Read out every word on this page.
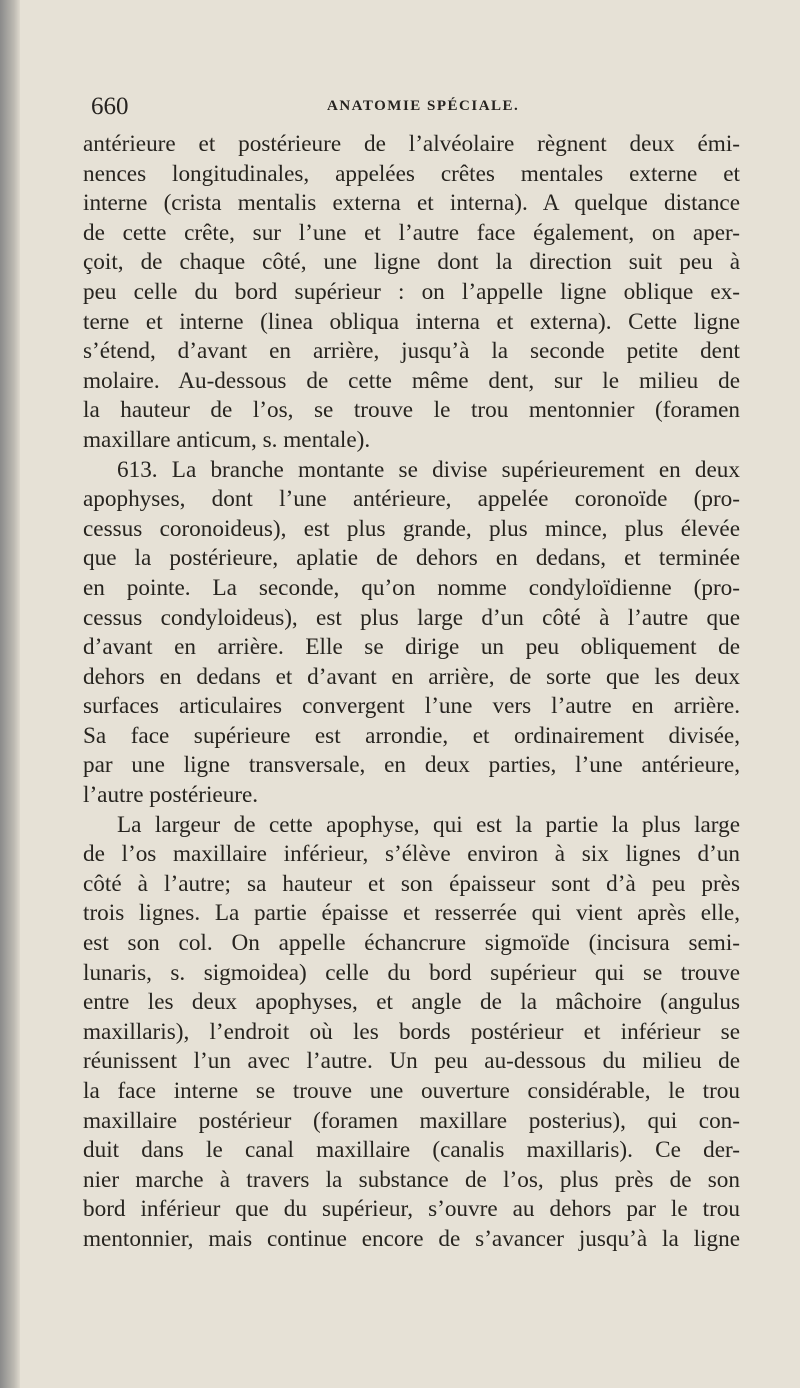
660	ANATOMIE SPÉCIALE.
antérieure et postérieure de l’alvéolaire règnent deux émi-
nences longitudinales, appelées crêtes mentales externe et
interne (crista mentalis externa et interna). A quelque distance
de cette crête, sur l’une et l’autre face également, on aper-
çoit, de chaque côté, une ligne dont la direction suit peu à
peu celle du bord supérieur : on l’appelle ligne oblique ex-
terne et interne (linea obliqua interna et externa). Cette ligne
s’étend, d’avant en arrière, jusqu’à la seconde petite dent
molaire. Au-dessous de cette même dent, sur le milieu de
la hauteur de l’os, se trouve le trou mentonnier (foramen
maxillare anticum, s. mentale).
613. La branche montante se divise supérieurement en deux
apophyses, dont l’une antérieure, appelée coronoïde (pro-
cessus coronoideus), est plus grande, plus mince, plus élevée
que la postérieure, aplatie de dehors en dedans, et terminée
en pointe. La seconde, qu’on nomme condyloïdienne (pro-
cessus condyloideus), est plus large d’un côté à l’autre que
d’avant en arrière. Elle se dirige un peu obliquement de
dehors en dedans et d’avant en arrière, de sorte que les deux
surfaces articulaires convergent l’une vers l’autre en arrière.
Sa face supérieure est arrondie, et ordinairement divisée,
par une ligne transversale, en deux parties, l’une antérieure,
l’autre postérieure.
La largeur de cette apophyse, qui est la partie la plus large
de l’os maxillaire inférieur, s’élève environ à six lignes d’un
côté à l’autre; sa hauteur et son épaisseur sont d’à peu près
trois lignes. La partie épaisse et resserrée qui vient après elle,
est son col. On appelle échancrure sigmoïde (incisura semi-
lunaris, s. sigmoidea) celle du bord supérieur qui se trouve
entre les deux apophyses, et angle de la mâchoire (angulus
maxillaris), l’endroit où les bords postérieur et inférieur se
réunissent l’un avec l’autre. Un peu au-dessous du milieu de
la face interne se trouve une ouverture considérable, le trou
maxillaire postérieur (foramen maxillare posterius), qui con-
duit dans le canal maxillaire (canalis maxillaris). Ce der-
nier marche à travers la substance de l’os, plus près de son
bord inférieur que du supérieur, s’ouvre au dehors par le trou
mentonnier, mais continue encore de s’avancer jusqu’à la ligne
